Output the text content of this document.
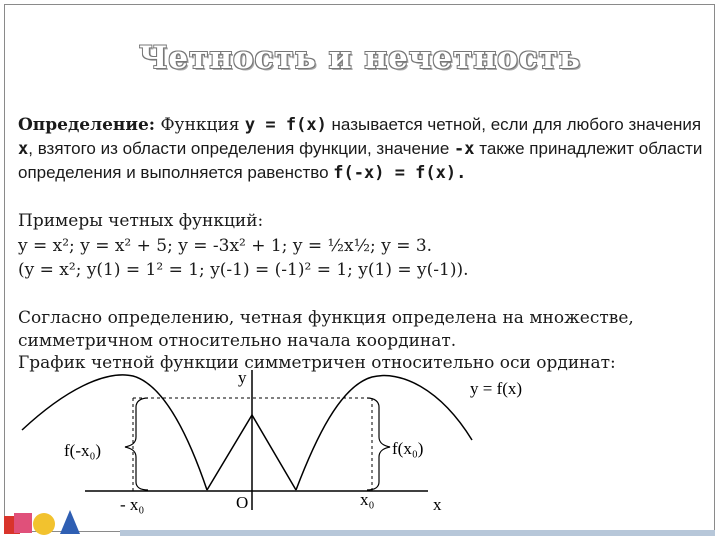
Четность и нечетность
Определение: Функция y = f(x) называется четной, если для любого значения x, взятого из области определения функции, значение -x также принадлежит области определения и выполняется равенство f(-x) = f(x).
Примеры четных функций:
y = x²; y = x² + 5; y = -3x² + 1; y = ½x½; y = 3.
(y = x²; y(1) = 1² = 1; y(-1) = (-1)² = 1; y(1) = y(-1)).
Согласно определению, четная функция определена на множестве,
симметричном относительно начала координат.
График четной функции симметричен относительно оси ординат:
y
y = f(x)
f(-x₀)	f(x₀)
- x₀	O	x₀	x
